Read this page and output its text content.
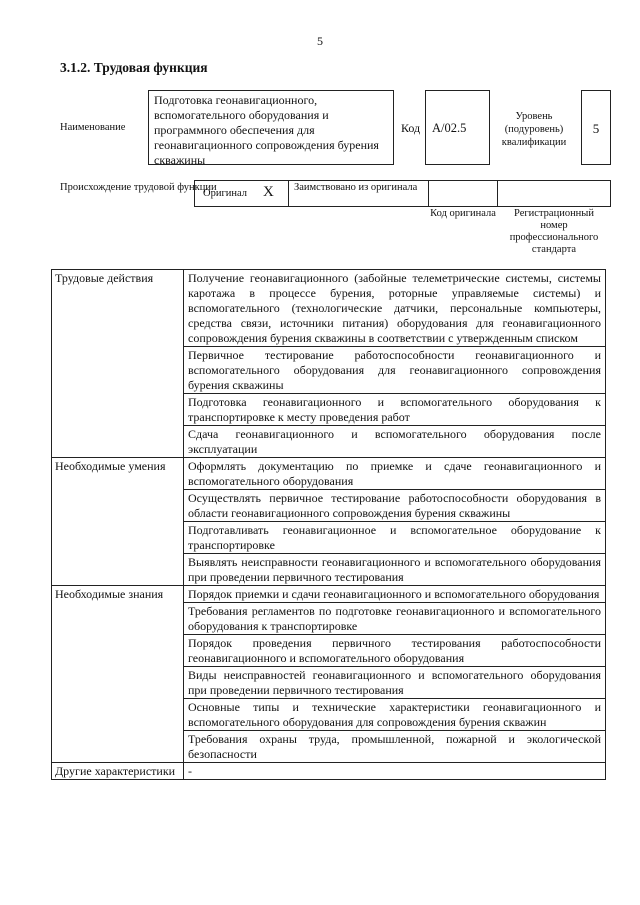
5
3.1.2. Трудовая функция
Наименование
Подготовка геонавигационного, вспомогательного оборудования и программного обеспечения для геонавигационного сопровождения бурения скважины
Код A/02.5
Уровень (подуровень) квалификации
5
Происхождение трудовой функции
Оригинал X Заимствовано из оригинала
Код оригинала	Регистрационный номер профессионального стандарта
Трудовые действия	Получение геонавигационного (забойные телеметрические системы, системы каротажа в процессе бурения, роторные управляемые системы) и вспомогательного (технологические датчики, персональные компьютеры, средства связи, источники питания) оборудования для геонавигационного сопровождения бурения скважины в соответствии с утвержденным списком
	Первичное тестирование работоспособности геонавигационного и вспомогательного оборудования для геонавигационного сопровождения бурения скважины
	Подготовка геонавигационного и вспомогательного оборудования к транспортировке к месту проведения работ
	Сдача геонавигационного и вспомогательного оборудования после эксплуатации
Необходимые умения	Оформлять документацию по приемке и сдаче геонавигационного и вспомогательного оборудования
	Осуществлять первичное тестирование работоспособности оборудования в области геонавигационного сопровождения бурения скважины
	Подготавливать геонавигационное и вспомогательное оборудование к транспортировке
	Выявлять неисправности геонавигационного и вспомогательного оборудования при проведении первичного тестирования
Необходимые знания	Порядок приемки и сдачи геонавигационного и вспомогательного оборудования
	Требования регламентов по подготовке геонавигационного и вспомогательного оборудования к транспортировке
	Порядок проведения первичного тестирования работоспособности геонавигационного и вспомогательного оборудования
	Виды неисправностей геонавигационного и вспомогательного оборудования при проведении первичного тестирования
	Основные типы и технические характеристики геонавигационного и вспомогательного оборудования для сопровождения бурения скважин
	Требования охраны труда, промышленной, пожарной и экологической безопасности
Другие характеристики	-
